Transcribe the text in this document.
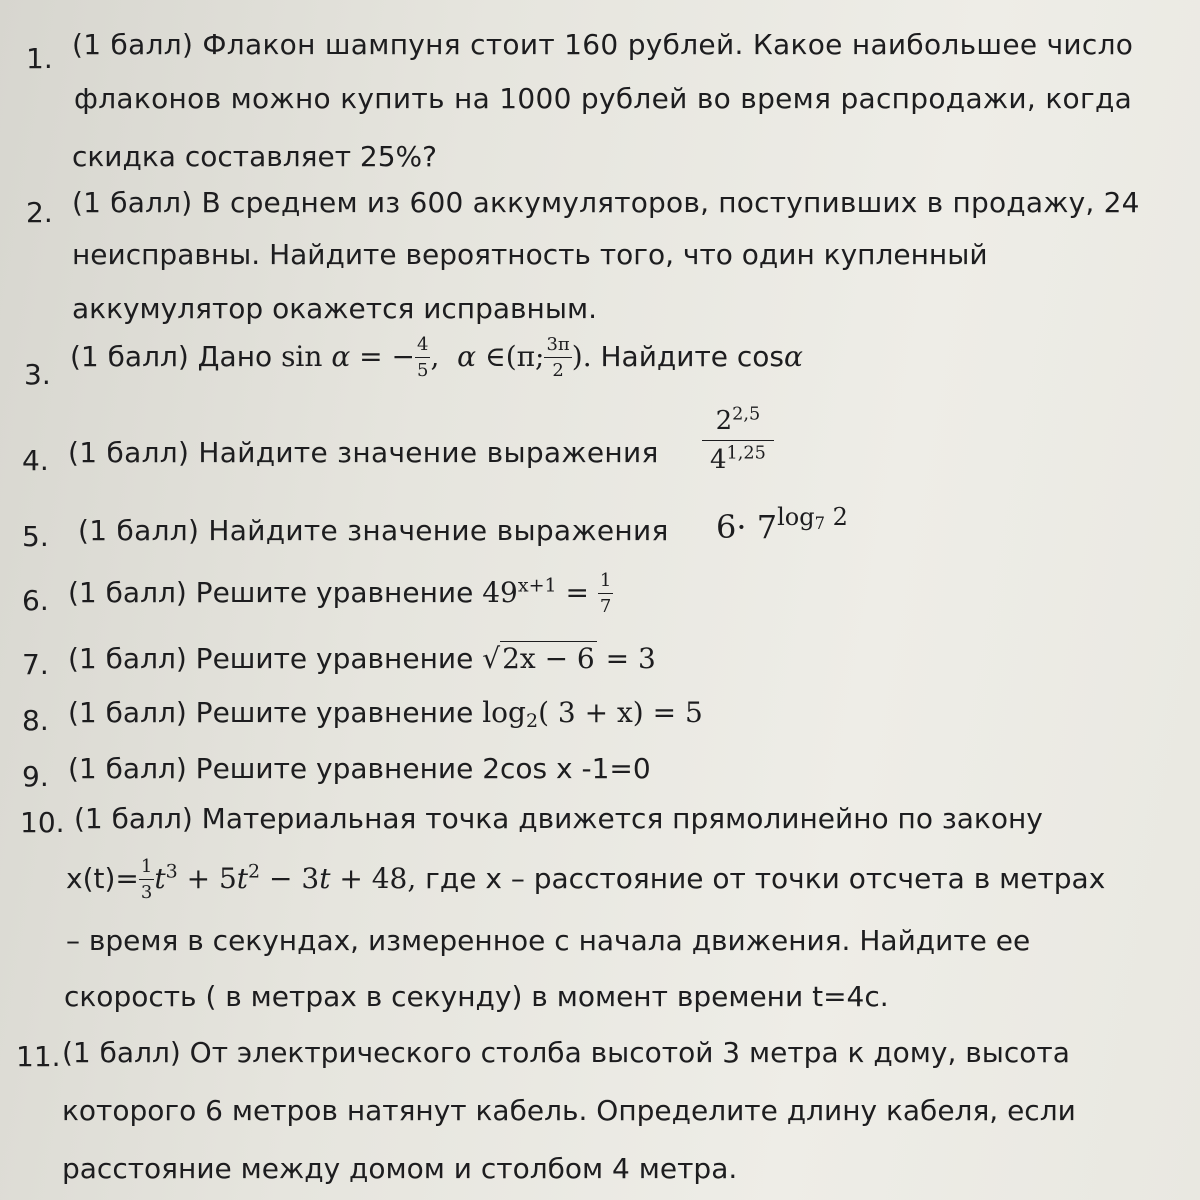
1. (1 балл) Флакон шампуня стоит 160 рублей. Какое наибольшее число
флаконов можно купить на 1000 рублей во время распродажи, когда
скидка составляет 25%?
2. (1 балл) В среднем из 600 аккумуляторов, поступивших в продажу, 24
неисправны. Найдите вероятность того, что один купленный
аккумулятор окажется исправным.
3.
(1 балл) Дано sin α = − $\frac{4}{5}$ , α ∈(π; $\frac{3\pi}{2}$ ). Найдите cosα
4. (1 балл) Найдите значение выражения $\frac{2^{2,5}}{4^{1,25}}$
5. (1 балл) Найдите значение выражения $6\cdot 7^{log_7 2}$
6. (1 балл) Решите уравнение $49^{x+1} = \frac{1}{7}$
7. (1 балл) Решите уравнение √2x − 6 = 3
8. (1 балл) Решите уравнение $\log_2$( 3 + x) = 5
9. (1 балл) Решите уравнение 2cos x -1=0
10. (1 балл) Материальная точка движется прямолинейно по закону
$x(t)= \frac{1}{3} t^3 + 5t^2 - 3t + 48$, где x – расстояние от точки отсчета в метрах
– время в секундах, измеренное с начала движения. Найдите ее
скорость ( в метрах в секунду) в момент времени t=4с.
11. (1 балл) От электрического столба высотой 3 метра к дому, высота
которого 6 метров натянут кабель. Определите длину кабеля, если
расстояние между домом и столбом 4 метра.
